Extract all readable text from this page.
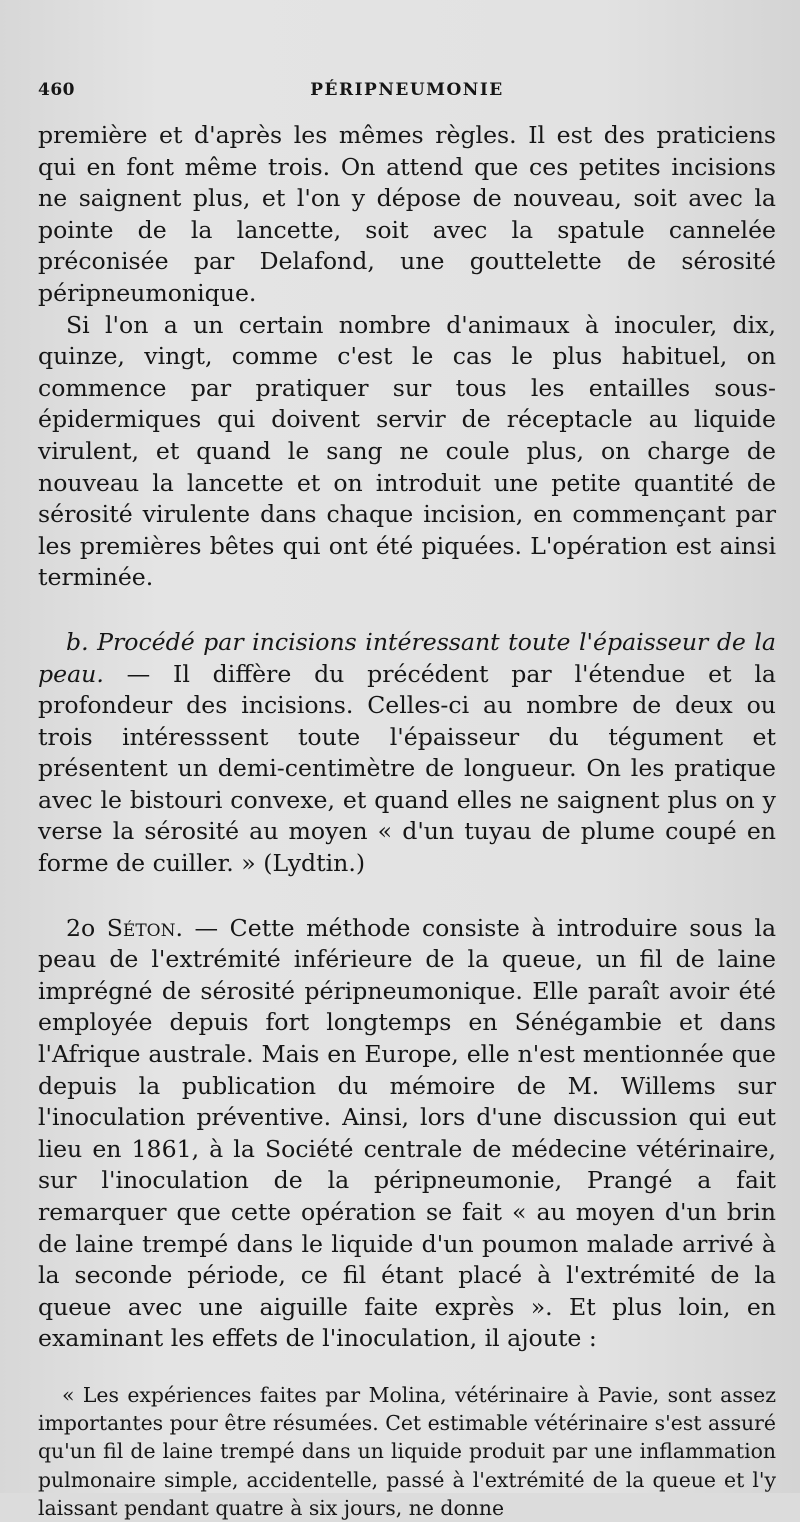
460	PÉRIPNEUMONIE

première et d'après les mêmes règles. Il est des praticiens qui en font même trois. On attend que ces petites incisions ne saignent plus, et l'on y dépose de nouveau, soit avec la pointe de la lancette, soit avec la spatule cannelée préconisée par Delafond, une gouttelette de sérosité péripneumonique.

Si l'on a un certain nombre d'animaux à inoculer, dix, quinze, vingt, comme c'est le cas le plus habituel, on commence par pratiquer sur tous les entailles sous-épidermiques qui doivent servir de réceptacle au liquide virulent, et quand le sang ne coule plus, on charge de nouveau la lancette et on introduit une petite quantité de sérosité virulente dans chaque incision, en commençant par les premières bêtes qui ont été piquées. L'opération est ainsi terminée.

b. Procédé par incisions intéressant toute l'épaisseur de la peau. — Il diffère du précédent par l'étendue et la profondeur des incisions. Celles-ci au nombre de deux ou trois intéresssent toute l'épaisseur du tégument et présentent un demi-centimètre de longueur. On les pratique avec le bistouri convexe, et quand elles ne saignent plus on y verse la sérosité au moyen « d'un tuyau de plume coupé en forme de cuiller. » (Lydtin.)

2o Séton. — Cette méthode consiste à introduire sous la peau de l'extrémité inférieure de la queue, un fil de laine imprégné de sérosité péripneumonique. Elle paraît avoir été employée depuis fort longtemps en Sénégambie et dans l'Afrique australe. Mais en Europe, elle n'est mentionnée que depuis la publication du mémoire de M. Willems sur l'inoculation préventive. Ainsi, lors d'une discussion qui eut lieu en 1861, à la Société centrale de médecine vétérinaire, sur l'inoculation de la péripneumonie, Prangé a fait remarquer que cette opération se fait « au moyen d'un brin de laine trempé dans le liquide d'un poumon malade arrivé à la seconde période, ce fil étant placé à l'extrémité de la queue avec une aiguille faite exprès ». Et plus loin, en examinant les effets de l'inoculation, il ajoute :

« Les expériences faites par Molina, vétérinaire à Pavie, sont assez importantes pour être résumées. Cet estimable vétérinaire s'est assuré qu'un fil de laine trempé dans un liquide produit par une inflammation pulmonaire simple, accidentelle, passé à l'extrémité de la queue et l'y laissant pendant quatre à six jours, ne donne
